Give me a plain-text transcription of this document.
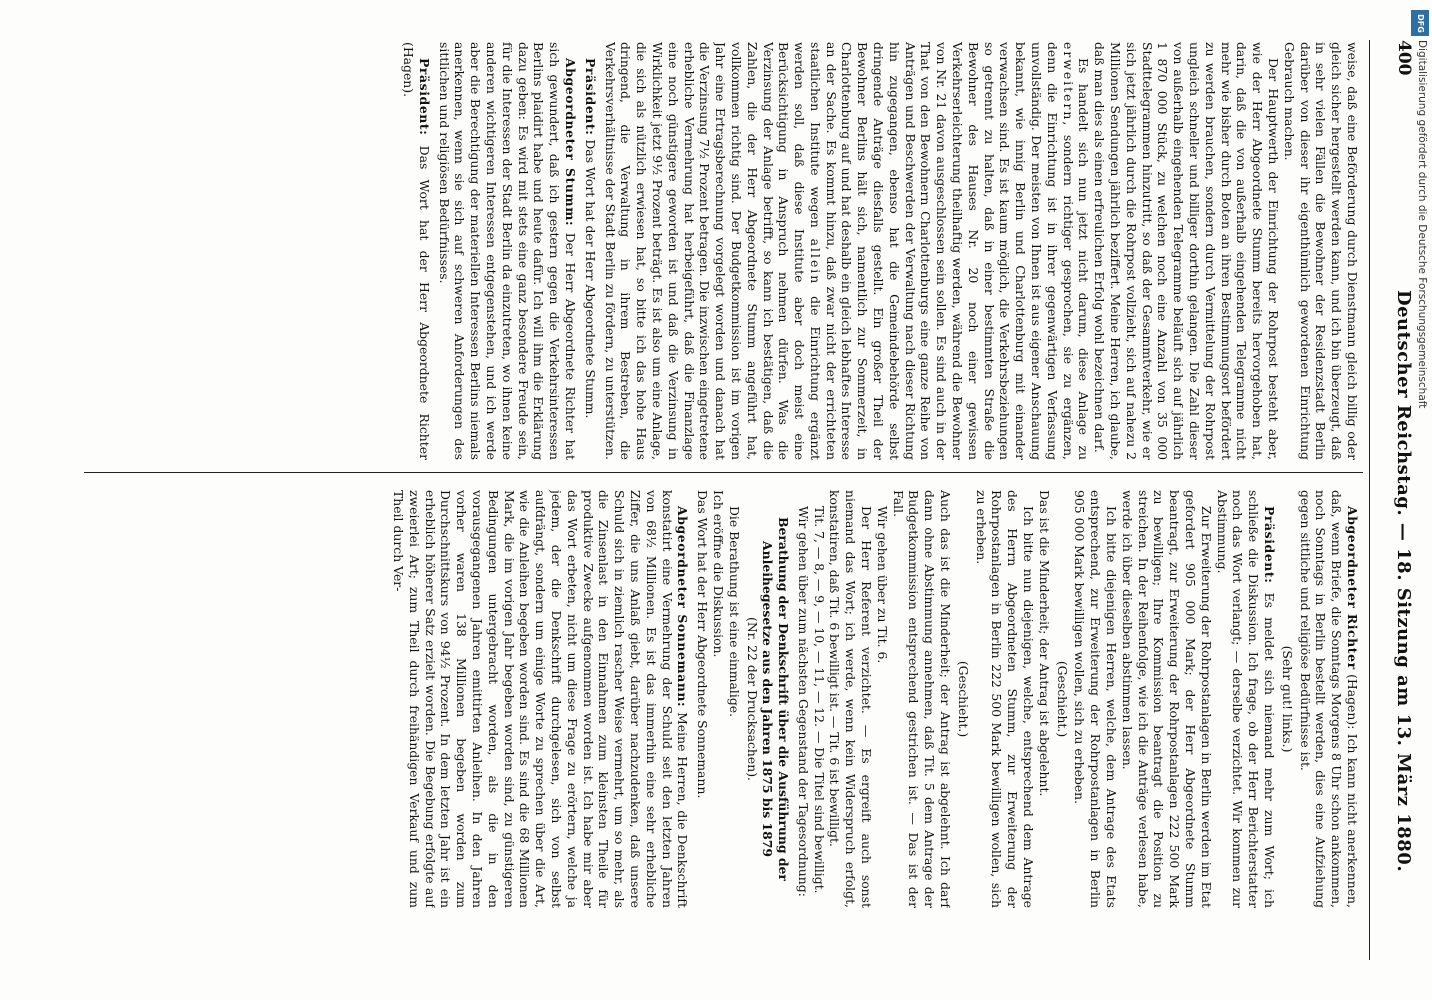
400
Deutscher Reichstag. — 18. Sitzung am 13. März 1880.

weise, daß eine Beförderung durch Dienstmann gleich billig oder gleich sicher hergestellt werden kann, und ich bin überzeugt, daß in sehr vielen Fällen die Bewohner der Residenzstadt Berlin darüber von dieser ihr eigenthümlich gewordenen Einrichtung Gebrauch machen.

Der Hauptwerth der Einrichtung der Rohrpost besteht aber, wie der Herr Abgeordnete Stumm bereits hervorgehoben hat, darin, daß die von außerhalb eingehenden Telegramme nicht mehr wie bisher durch Boten an ihren Bestimmungsort befördert zu werden brauchen, sondern durch Vermittelung der Rohrpost ungleich schneller und billiger dorthin gelangen. Die Zahl dieser von außerhalb eingehenden Telegramme beläuft sich auf jährlich 1 870 000 Stück, zu welchen noch eine Anzahl von 35 000 Stadttelegrammen hinzutritt, so daß der Gesammtverkehr, wie er sich jetzt jährlich durch die Rohrpost vollzieht, sich auf nahezu 2 Millionen Sendungen jährlich beziffert. Meine Herren, ich glaube, daß man dies als einen erfreulichen Erfolg wohl bezeichnen darf.

Es handelt sich nun jetzt nicht darum, diese Anlage zu erweitern, sondern richtiger gesprochen, sie zu ergänzen, denn die Einrichtung ist in ihrer gegenwärtigen Verfassung unvollständig. Der meisten von Ihnen ist aus eigener Anschauung bekannt, wie innig Berlin und Charlottenburg mit einander verwachsen sind. Es ist kaum möglich, die Verkehrsbeziehungen so getrennt zu halten, daß in einer bestimmten Straße die Bewohner des Hauses Nr. 20 noch einer gewissen Verkehrserleichterung theilhaftig werden, während die Bewohner von Nr. 21 davon ausgeschlossen sein sollen. Es sind auch in der That von den Bewohnern Charlottenburgs eine ganze Reihe von Anträgen und Beschwerden der Verwaltung nach dieser Richtung hin zugegangen, ebenso hat die Gemeindebehörde selbst dringende Anträge diesfalls gestellt. Ein großer Theil der Bewohner Berlins hält sich, namentlich zur Sommerzeit, in Charlottenburg auf und hat deshalb ein gleich lebhaftes Interesse an der Sache. Es kommt hinzu, daß zwar nicht der errichteten staatlichen Institute wegen allein die Einrichtung ergänzt werden soll, daß diese Institute aber doch meist eine Berücksichtigung in Anspruch nehmen dürfen. Was die Verzinsung der Anlage betrifft, so kann ich bestätigen, daß die Zahlen, die der Herr Abgeordnete Stumm angeführt hat, vollkommen richtig sind. Der Budgetkommission ist im vorigen Jahr eine Ertragsberechnung vorgelegt worden und danach hat die Verzinsung 7½ Prozent betragen. Die inzwischen eingetretene erhebliche Vermehrung hat herbeigeführt, daß die Finanzlage eine noch günstigere geworden ist und daß die Verzinsung in Wirklichkeit jetzt 9½ Prozent beträgt. Es ist also um eine Anlage, die sich als nützlich erwiesen hat, so bitte ich das hohe Haus dringend, die Verwaltung in ihrem Bestreben, die Verkehrsverhältnisse der Stadt Berlin zu fördern, zu unterstützen.

Präsident: Das Wort hat der Herr Abgeordnete Stumm.

Abgeordneter Stumm: Der Herr Abgeordnete Richter hat sich gewundert, daß ich gestern gegen die Verkehrsinteressen Berlins plaidirt habe und heute dafür. Ich will ihm die Erklärung dazu geben: Es wird mit stets eine ganz besondere Freude sein, für die Interessen der Stadt Berlin da einzutreten, wo ihnen keine anderen wichtigeren Interessen entgegenstehen, und ich werde aber die Berechtigung der materiellen Interessen Berlins niemals anerkennen, wenn sie sich auf schweren Anforderungen des sittlichen und religiösen Bedürfnisses.

Präsident: Das Wort hat der Herr Abgeordnete Richter (Hagen).

Abgeordneter Richter (Hagen): Ich kann nicht anerkennen, daß, wenn Briefe, die Sonntags Morgens 8 Uhr schon ankommen, noch Sonntags in Berlin bestellt werden, dies eine Aufziehung gegen sittliche und religiöse Bedürfnisse ist.

(Sehr gut! links.)

Präsident: Es meldet sich niemand mehr zum Wort; ich schließe die Diskussion. Ich frage, ob der Herr Berichterstatter noch das Wort verlangt; — derselbe verzichtet. Wir kommen zur Abstimmung.

Zur Erweiterung der Rohrpostanlagen in Berlin werden im Etat gefordert 905 000 Mark; der Herr Abgeordnete Stumm beantragt, zur Erweiterung der Rohrpostanlagen 222 500 Mark zu bewilligen; Ihre Kommission beantragt die Position zu streichen. In der Reihenfolge, wie ich die Anträge verlesen habe, werde ich über dieselben abstimmen lassen.

Ich bitte diejenigen Herren, welche, dem Antrage des Etats entsprechend, zur Erweiterung der Rohrpostanlagen in Berlin 905 000 Mark bewilligen wollen, sich zu erheben.

(Geschieht.)

Das ist die Minderheit; der Antrag ist abgelehnt.

Ich bitte nun diejenigen, welche, entsprechend dem Antrage des Herrn Abgeordneten Stumm, zur Erweiterung der Rohrpostanlagen in Berlin 222 500 Mark bewilligen wollen, sich zu erheben.

(Geschieht.)

Auch das ist die Minderheit; der Antrag ist abgelehnt. Ich darf dann ohne Abstimmung annehmen, daß Tit. 5 dem Antrage der Budgetkommission entsprechend gestrichen ist. — Das ist der Fall.

Wir gehen über zu Tit. 6.

Der Herr Referent verzichtet. — Es ergreift auch sonst niemand das Wort; ich werde, wenn kein Widerspruch erfolgt, konstatiren, daß Tit. 6 bewilligt ist. — Tit. 6 ist bewilligt.

Tit. 7, — 8, — 9, — 10, — 11, — 12. — Die Titel sind bewilligt.

Wir gehen über zum nächsten Gegenstand der Tagesordnung:

Berathung der Denkschrift über die Ausführung der Anleihegesetze aus den Jahren 1875 bis 1879
(Nr. 22 der Drucksachen).

Die Berathung ist eine einmalige.

Ich eröffne die Diskussion.

Das Wort hat der Herr Abgeordnete Sonnemann.

Abgeordneter Sonnemann: Meine Herren, die Denkschrift konstatirt eine Vermehrung der Schuld seit den letzten Jahren von 68½ Millionen. Es ist das immerhin eine sehr erhebliche Ziffer, die uns Anlaß giebt, darüber nachzudenken, daß unsere Schuld sich in ziemlich rascher Weise vermehrt, um so mehr, als die Zinsenlast in den Einnahmen zum kleinsten Theile für produktive Zwecke aufgenommen worden ist. Ich habe mir aber das Wort erbeten, nicht um diese Frage zu erörtern, welche ja jedem, der die Denkschrift durchgelesen, sich von selbst aufdrängt, sondern um einige Worte zu sprechen über die Art, wie die Anleihen begeben worden sind. Es sind die 68 Millionen Mark, die im vorigen Jahr begeben worden sind, zu günstigeren Bedingungen untergebracht worden, als die in den vorausgegangenen Jahren emittirten Anleihen. In den Jahren vorher waren 138 Millionen begeben worden zum Durchschnittskurs von 94½ Prozent. In dem letzten Jahr ist ein erheblich höherer Satz erzielt worden. Die Begebung erfolgte auf zweierlei Art; zum Theil durch freihändigen Verkauf und zum Theil durch Ver-

DFG
Digitalisierung gefördert durch die Deutsche Forschungsgemeinschaft
